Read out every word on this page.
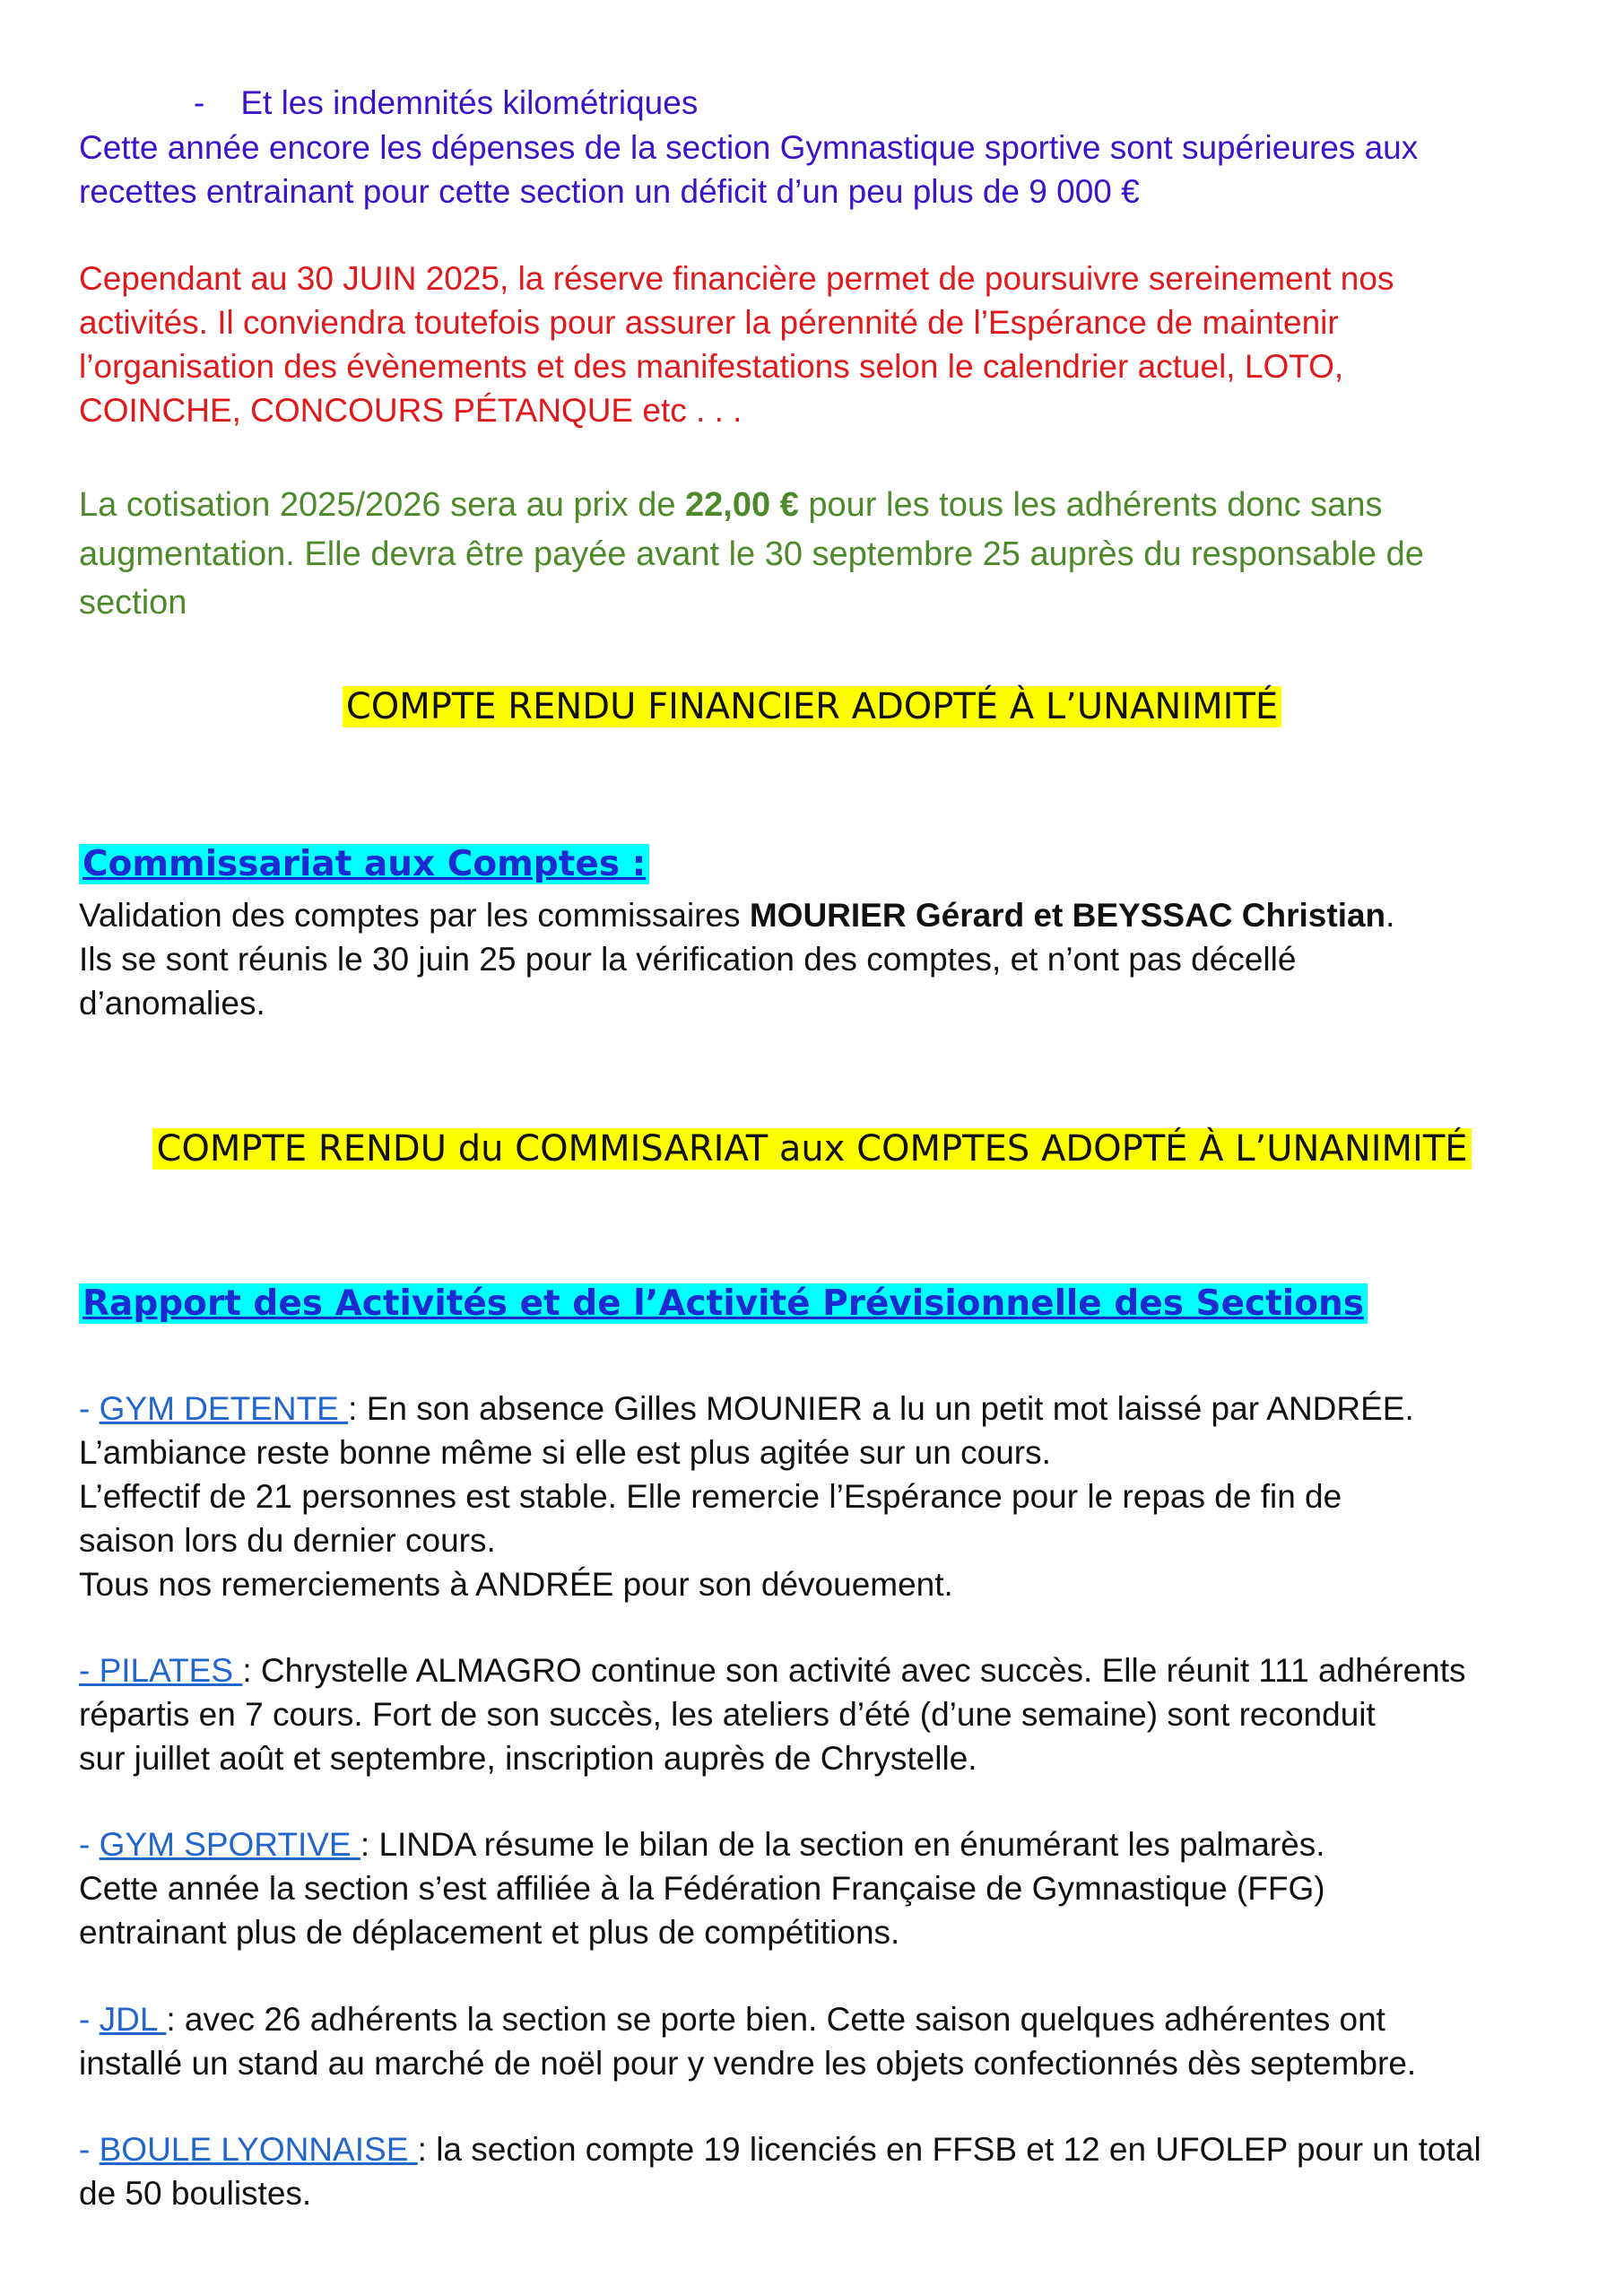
- Et les indemnités kilométriques
Cette année encore les dépenses de la section Gymnastique sportive sont supérieures aux
recettes entrainant pour cette section un déficit d’un peu plus de 9 000 €
Cependant au 30 JUIN 2025, la réserve financière permet de poursuivre sereinement nos
activités. Il conviendra toutefois pour assurer la pérennité de l’Espérance de maintenir
l’organisation des évènements et des manifestations selon le calendrier actuel, LOTO,
COINCHE, CONCOURS PÉTANQUE etc . . .
La cotisation 2025/2026 sera au prix de 22,00 € pour les tous les adhérents donc sans
augmentation. Elle devra être payée avant le 30 septembre 25 auprès du responsable de
section
COMPTE RENDU FINANCIER ADOPTÉ À L’UNANIMITÉ
Commissariat aux Comptes :
Validation des comptes par les commissaires MOURIER Gérard et BEYSSAC Christian.
Ils se sont réunis le 30 juin 25 pour la vérification des comptes, et n’ont pas décellé
d’anomalies.
COMPTE RENDU du COMMISARIAT aux COMPTES ADOPTÉ À L’UNANIMITÉ
Rapport des Activités et de l’Activité Prévisionnelle des Sections
- GYM DETENTE : En son absence Gilles MOUNIER a lu un petit mot laissé par ANDRÉE.
L’ambiance reste bonne même si elle est plus agitée sur un cours.
L’effectif de 21 personnes est stable. Elle remercie l’Espérance pour le repas de fin de
saison lors du dernier cours.
Tous nos remerciements à ANDRÉE pour son dévouement.
- PILATES : Chrystelle ALMAGRO continue son activité avec succès. Elle réunit 111 adhérents
répartis en 7 cours. Fort de son succès, les ateliers d’été (d’une semaine) sont reconduit
sur juillet août et septembre, inscription auprès de Chrystelle.
- GYM SPORTIVE : LINDA résume le bilan de la section en énumérant les palmarès.
Cette année la section s’est affiliée à la Fédération Française de Gymnastique (FFG)
entrainant plus de déplacement et plus de compétitions.
- JDL : avec 26 adhérents la section se porte bien. Cette saison quelques adhérentes ont
installé un stand au marché de noël pour y vendre les objets confectionnés dès septembre.
- BOULE LYONNAISE : la section compte 19 licenciés en FFSB et 12 en UFOLEP pour un total
de 50 boulistes.
